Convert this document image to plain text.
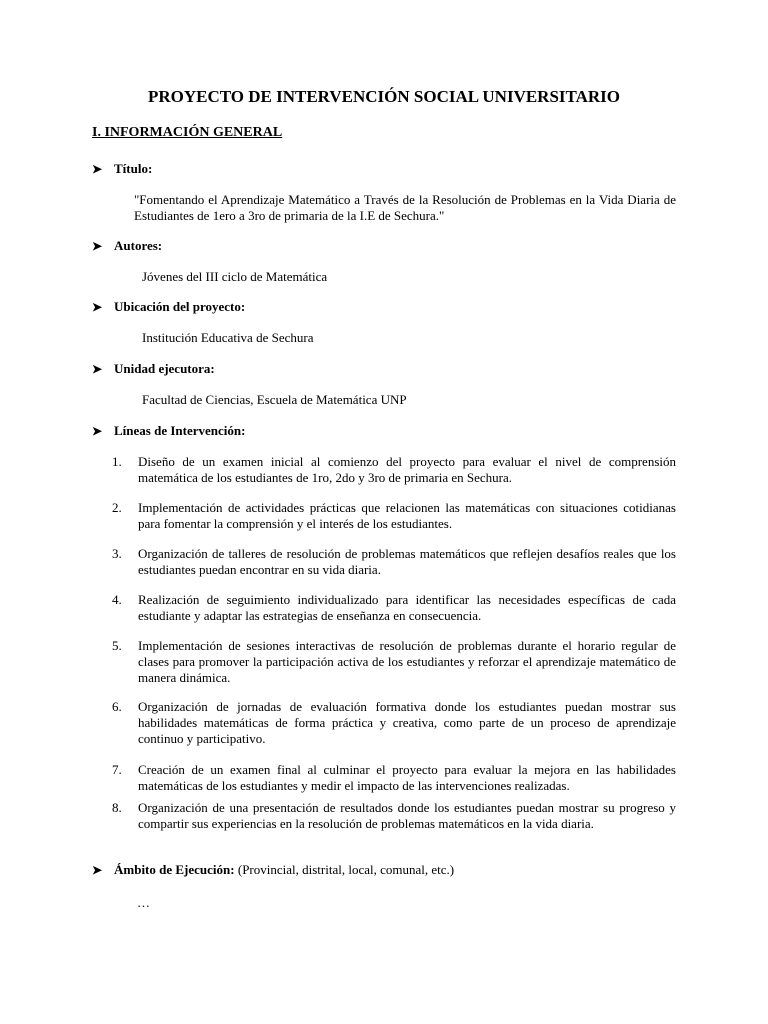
PROYECTO DE INTERVENCIÓN SOCIAL UNIVERSITARIO
I. INFORMACIÓN GENERAL
➤ Título:
"Fomentando el Aprendizaje Matemático a Través de la Resolución de Problemas en la Vida Diaria de Estudiantes de 1ero a 3ro de primaria de la I.E de Sechura."
➤ Autores:
Jóvenes del III ciclo de Matemática
➤ Ubicación del proyecto:
Institución Educativa de Sechura
➤ Unidad ejecutora:
Facultad de Ciencias, Escuela de Matemática UNP
➤ Líneas de Intervención:
1.	Diseño de un examen inicial al comienzo del proyecto para evaluar el nivel de comprensión matemática de los estudiantes de 1ro, 2do y 3ro de primaria en Sechura.
2.	Implementación de actividades prácticas que relacionen las matemáticas con situaciones cotidianas para fomentar la comprensión y el interés de los estudiantes.
3.	Organización de talleres de resolución de problemas matemáticos que reflejen desafíos reales que los estudiantes puedan encontrar en su vida diaria.
4.	Realización de seguimiento individualizado para identificar las necesidades específicas de cada estudiante y adaptar las estrategias de enseñanza en consecuencia.
5.	Implementación de sesiones interactivas de resolución de problemas durante el horario regular de clases para promover la participación activa de los estudiantes y reforzar el aprendizaje matemático de manera dinámica.
6.	Organización de jornadas de evaluación formativa donde los estudiantes puedan mostrar sus habilidades matemáticas de forma práctica y creativa, como parte de un proceso de aprendizaje continuo y participativo.
7.	Creación de un examen final al culminar el proyecto para evaluar la mejora en las habilidades matemáticas de los estudiantes y medir el impacto de las intervenciones realizadas.
8.	Organización de una presentación de resultados donde los estudiantes puedan mostrar su progreso y compartir sus experiencias en la resolución de problemas matemáticos en la vida diaria.
➤ Ámbito de Ejecución:
(Provincial, distrital, local, comunal, etc.)
…
